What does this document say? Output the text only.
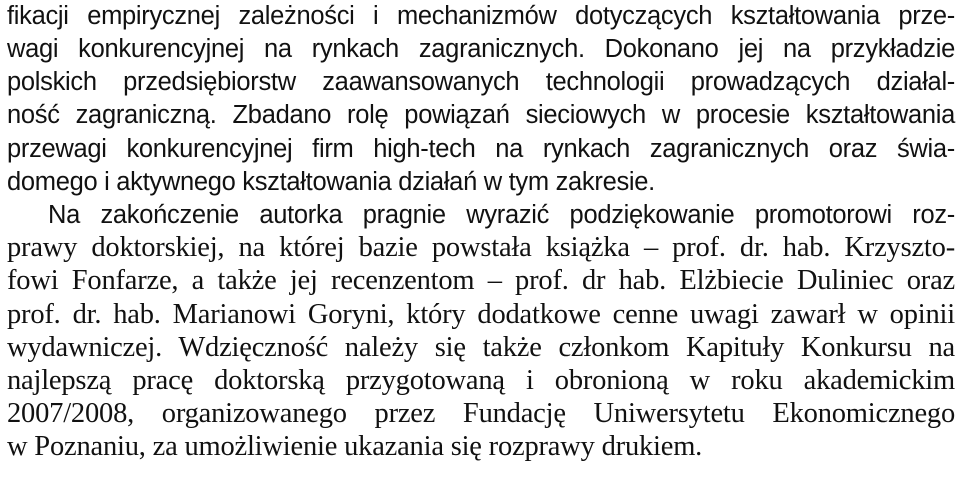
fikacji empirycznej zależności i mechanizmów dotyczących kształtowania prze-
wagi konkurencyjnej na rynkach zagranicznych. Dokonano jej na przykładzie
polskich przedsiębiorstw zaawansowanych technologii prowadzących działal-
ność zagraniczną. Zbadano rolę powiązań sieciowych w procesie kształtowania
przewagi konkurencyjnej firm high-tech na rynkach zagranicznych oraz świa-
domego i aktywnego kształtowania działań w tym zakresie.
Na zakończenie autorka pragnie wyrazić podziękowanie promotorowi roz-
prawy doktorskiej, na której bazie powstała książka – prof. dr. hab. Krzyszto-
fowi Fonfarze, a także jej recenzentom – prof. dr hab. Elżbiecie Duliniec oraz
prof. dr. hab. Marianowi Goryni, który dodatkowe cenne uwagi zawarł w opinii
wydawniczej. Wdzięczność należy się także członkom Kapituły Konkursu na
najlepszą pracę doktorską przygotowaną i obronioną w roku akademickim
2007/2008, organizowanego przez Fundację Uniwersytetu Ekonomicznego
w Poznaniu, za umożliwienie ukazania się rozprawy drukiem.
